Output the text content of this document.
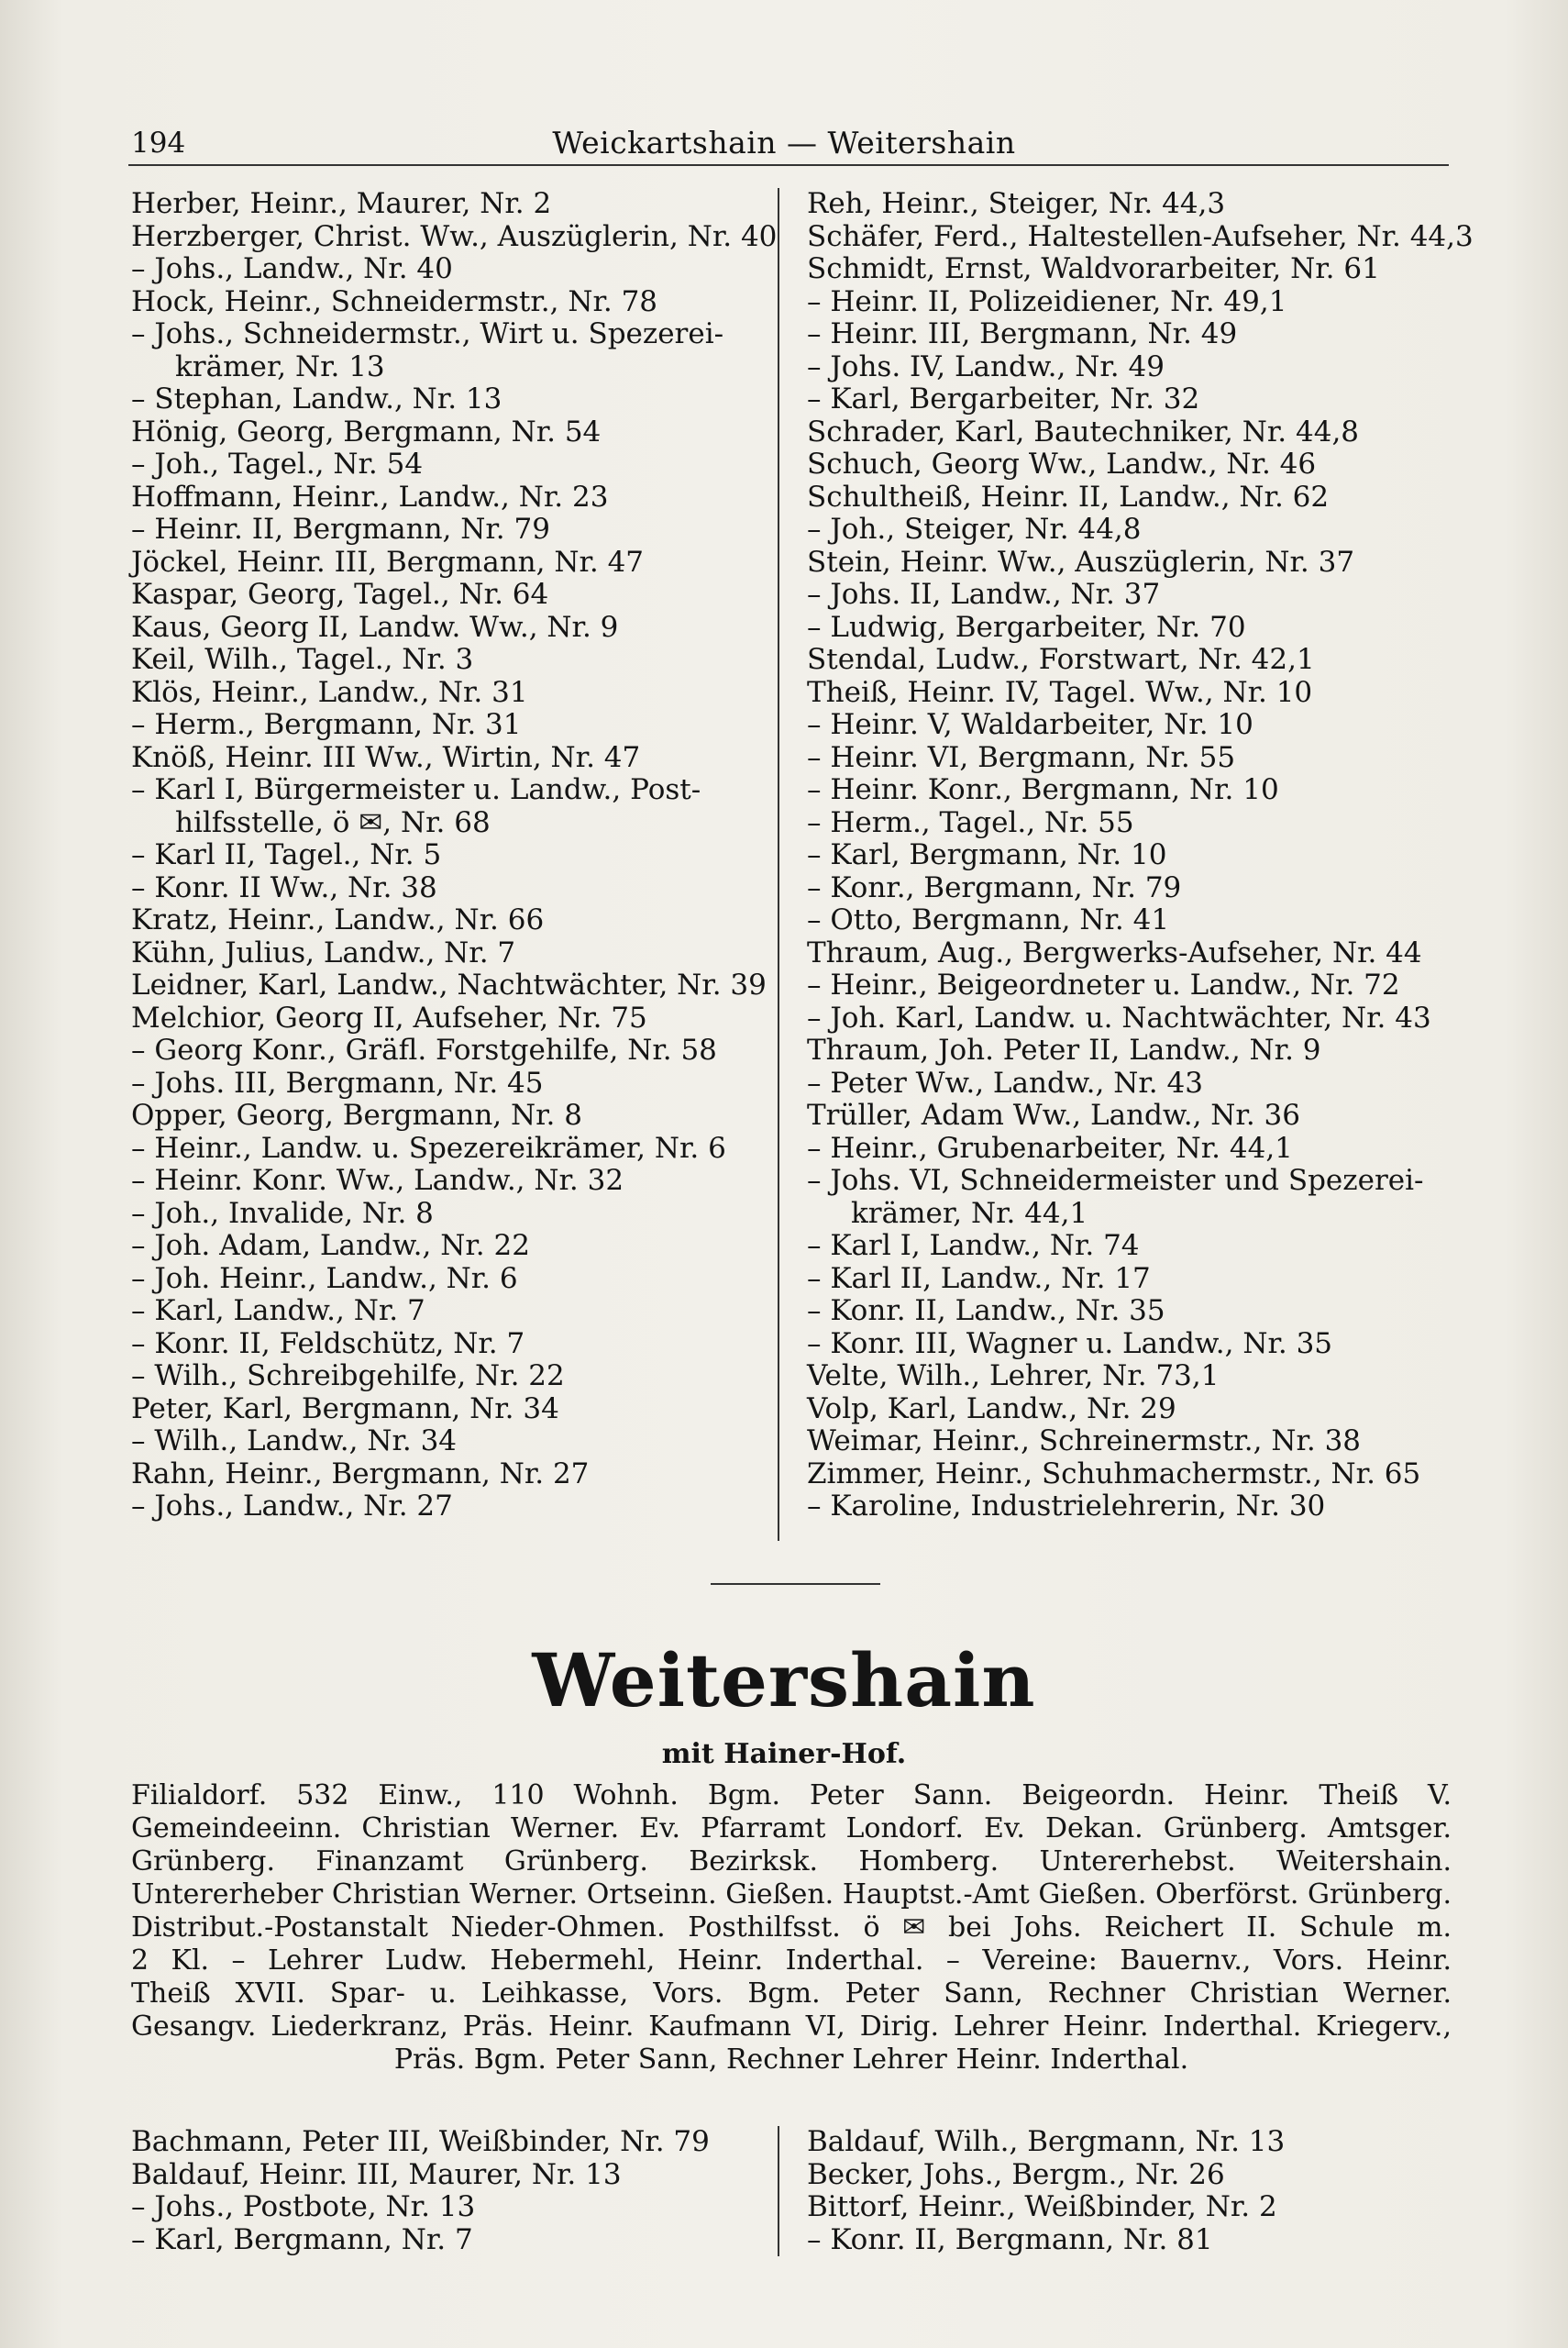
194	Weickartshain — Weitershain
Herber, Heinr., Maurer, Nr. 2
Herzberger, Christ. Ww., Auszüglerin, Nr. 40
– Johs., Landw., Nr. 40
Hock, Heinr., Schneidermstr., Nr. 78
– Johs., Schneidermstr., Wirt u. Spezerei-
krämer, Nr. 13
– Stephan, Landw., Nr. 13
Hönig, Georg, Bergmann, Nr. 54
– Joh., Tagel., Nr. 54
Hoffmann, Heinr., Landw., Nr. 23
– Heinr. II, Bergmann, Nr. 79
Jöckel, Heinr. III, Bergmann, Nr. 47
Kaspar, Georg, Tagel., Nr. 64
Kaus, Georg II, Landw. Ww., Nr. 9
Keil, Wilh., Tagel., Nr. 3
Klös, Heinr., Landw., Nr. 31
– Herm., Bergmann, Nr. 31
Knöß, Heinr. III Ww., Wirtin, Nr. 47
– Karl I, Bürgermeister u. Landw., Post-
hilfsstelle, ö ✉, Nr. 68
– Karl II, Tagel., Nr. 5
– Konr. II Ww., Nr. 38
Kratz, Heinr., Landw., Nr. 66
Kühn, Julius, Landw., Nr. 7
Leidner, Karl, Landw., Nachtwächter, Nr. 39
Melchior, Georg II, Aufseher, Nr. 75
– Georg Konr., Gräfl. Forstgehilfe, Nr. 58
– Johs. III, Bergmann, Nr. 45
Opper, Georg, Bergmann, Nr. 8
– Heinr., Landw. u. Spezereikrämer, Nr. 6
– Heinr. Konr. Ww., Landw., Nr. 32
– Joh., Invalide, Nr. 8
– Joh. Adam, Landw., Nr. 22
– Joh. Heinr., Landw., Nr. 6
– Karl, Landw., Nr. 7
– Konr. II, Feldschütz, Nr. 7
– Wilh., Schreibgehilfe, Nr. 22
Peter, Karl, Bergmann, Nr. 34
– Wilh., Landw., Nr. 34
Rahn, Heinr., Bergmann, Nr. 27
– Johs., Landw., Nr. 27
Reh, Heinr., Steiger, Nr. 44,3
Schäfer, Ferd., Haltestellen-Aufseher, Nr. 44,3
Schmidt, Ernst, Waldvorarbeiter, Nr. 61
– Heinr. II, Polizeidiener, Nr. 49,1
– Heinr. III, Bergmann, Nr. 49
– Johs. IV, Landw., Nr. 49
– Karl, Bergarbeiter, Nr. 32
Schrader, Karl, Bautechniker, Nr. 44,8
Schuch, Georg Ww., Landw., Nr. 46
Schultheiß, Heinr. II, Landw., Nr. 62
– Joh., Steiger, Nr. 44,8
Stein, Heinr. Ww., Auszüglerin, Nr. 37
– Johs. II, Landw., Nr. 37
– Ludwig, Bergarbeiter, Nr. 70
Stendal, Ludw., Forstwart, Nr. 42,1
Theiß, Heinr. IV, Tagel. Ww., Nr. 10
– Heinr. V, Waldarbeiter, Nr. 10
– Heinr. VI, Bergmann, Nr. 55
– Heinr. Konr., Bergmann, Nr. 10
– Herm., Tagel., Nr. 55
– Karl, Bergmann, Nr. 10
– Konr., Bergmann, Nr. 79
– Otto, Bergmann, Nr. 41
Thraum, Aug., Bergwerks-Aufseher, Nr. 44
– Heinr., Beigeordneter u. Landw., Nr. 72
– Joh. Karl, Landw. u. Nachtwächter, Nr. 43
Thraum, Joh. Peter II, Landw., Nr. 9
– Peter Ww., Landw., Nr. 43
Trüller, Adam Ww., Landw., Nr. 36
– Heinr., Grubenarbeiter, Nr. 44,1
– Johs. VI, Schneidermeister und Spezerei-
krämer, Nr. 44,1
– Karl I, Landw., Nr. 74
– Karl II, Landw., Nr. 17
– Konr. II, Landw., Nr. 35
– Konr. III, Wagner u. Landw., Nr. 35
Velte, Wilh., Lehrer, Nr. 73,1
Volp, Karl, Landw., Nr. 29
Weimar, Heinr., Schreinermstr., Nr. 38
Zimmer, Heinr., Schuhmachermstr., Nr. 65
– Karoline, Industrielehrerin, Nr. 30
Weitershain
mit Hainer-Hof.
Filialdorf. 532 Einw., 110 Wohnh. Bgm. Peter Sann. Beigeordn. Heinr. Theiß V.
Gemeindeeinn. Christian Werner. Ev. Pfarramt Londorf. Ev. Dekan. Grünberg. Amtsger.
Grünberg. Finanzamt Grünberg. Bezirksk. Homberg. Untererhebst. Weitershain.
Untererheber Christian Werner. Ortseinn. Gießen. Hauptst.-Amt Gießen. Oberförst. Grünberg.
Distribut.-Postanstalt Nieder-Ohmen. Posthilfsst. ö ✉ bei Johs. Reichert II. Schule m.
2 Kl. – Lehrer Ludw. Hebermehl, Heinr. Inderthal. – Vereine: Bauernv., Vors. Heinr.
Theiß XVII. Spar- u. Leihkasse, Vors. Bgm. Peter Sann, Rechner Christian Werner.
Gesangv. Liederkranz, Präs. Heinr. Kaufmann VI, Dirig. Lehrer Heinr. Inderthal. Kriegerv.,
Präs. Bgm. Peter Sann, Rechner Lehrer Heinr. Inderthal.
Bachmann, Peter III, Weißbinder, Nr. 79
Baldauf, Heinr. III, Maurer, Nr. 13
– Johs., Postbote, Nr. 13
– Karl, Bergmann, Nr. 7
Baldauf, Wilh., Bergmann, Nr. 13
Becker, Johs., Bergm., Nr. 26
Bittorf, Heinr., Weißbinder, Nr. 2
– Konr. II, Bergmann, Nr. 81
